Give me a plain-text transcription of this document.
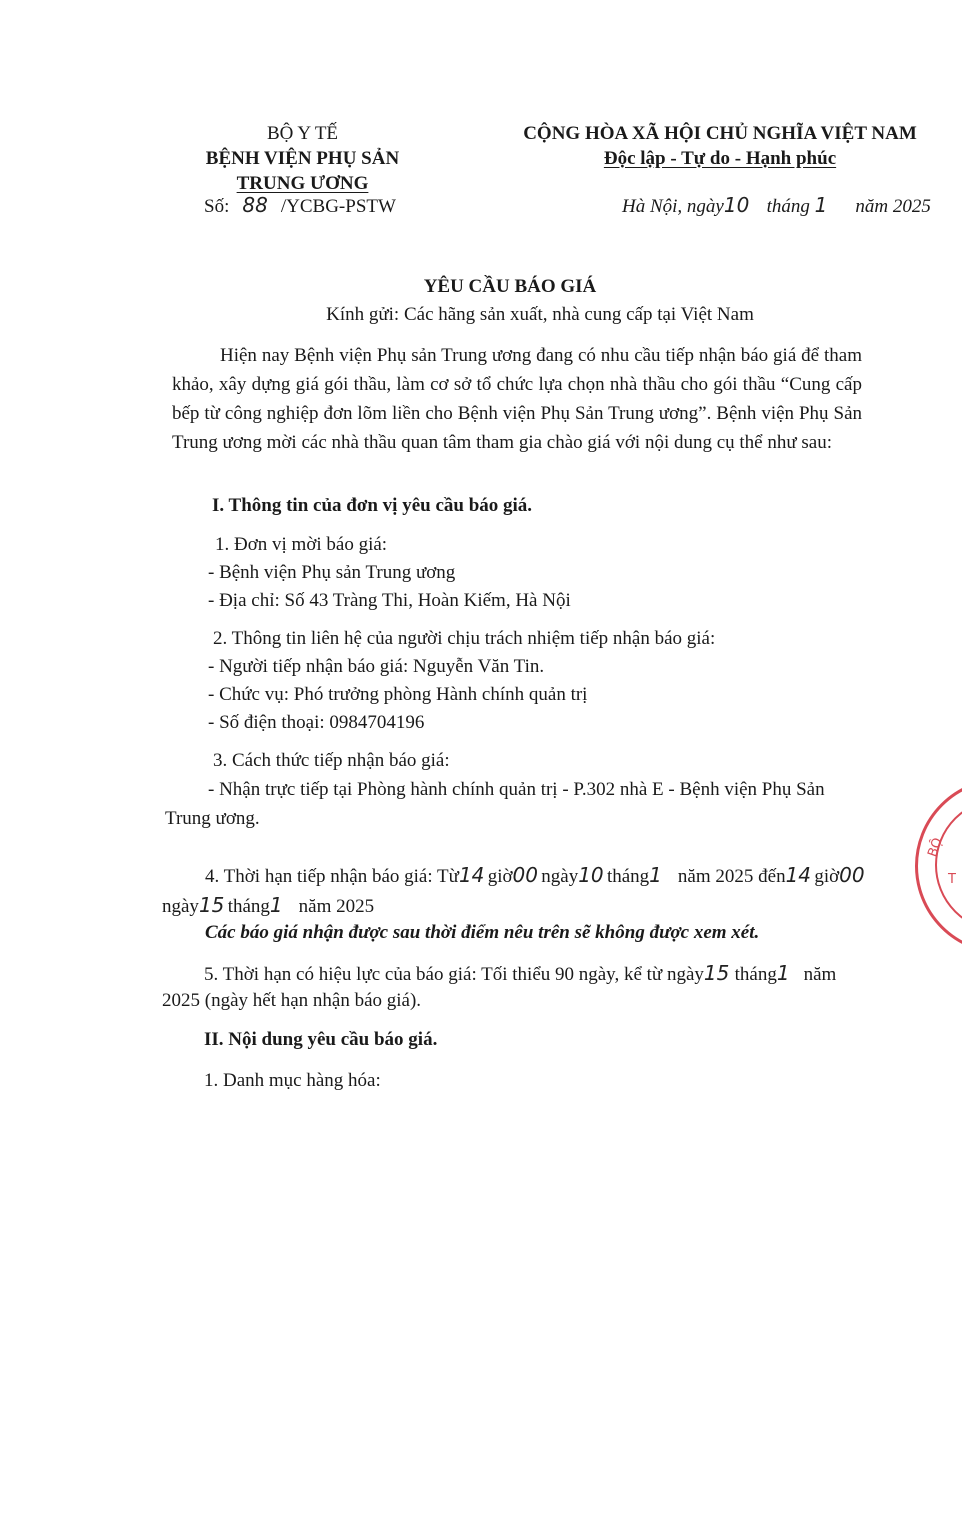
BỘ Y TẾ
BỆNH VIỆN PHỤ SẢN
TRUNG ƯƠNG
Số: 88 /YCBG-PSTW
CỘNG HÒA XÃ HỘI CHỦ NGHĨA VIỆT NAM
Độc lập - Tự do - Hạnh phúc
Hà Nội, ngày10 tháng 1 năm 2025
YÊU CẦU BÁO GIÁ
Kính gửi: Các hãng sản xuất, nhà cung cấp tại Việt Nam
Hiện nay Bệnh viện Phụ sản Trung ương đang có nhu cầu tiếp nhận báo giá để tham khảo, xây dựng giá gói thầu, làm cơ sở tổ chức lựa chọn nhà thầu cho gói thầu “Cung cấp bếp từ công nghiệp đơn lõm liền cho Bệnh viện Phụ Sản Trung ương”. Bệnh viện Phụ Sản Trung ương mời các nhà thầu quan tâm tham gia chào giá với nội dung cụ thể như sau:
I. Thông tin của đơn vị yêu cầu báo giá.
1. Đơn vị mời báo giá:
- Bệnh viện Phụ sản Trung ương
- Địa chỉ: Số 43 Tràng Thi, Hoàn Kiếm, Hà Nội
2. Thông tin liên hệ của người chịu trách nhiệm tiếp nhận báo giá:
- Người tiếp nhận báo giá: Nguyễn Văn Tin.
- Chức vụ: Phó trưởng phòng Hành chính quản trị
- Số điện thoại: 0984704196
3. Cách thức tiếp nhận báo giá:
- Nhận trực tiếp tại Phòng hành chính quản trị - P.302 nhà E - Bệnh viện Phụ Sản
Trung ương.
4. Thời hạn tiếp nhận báo giá: Từ14 giờ00 ngày10 tháng1 năm 2025 đến14 giờ00
ngày15 tháng1 năm 2025
Các báo giá nhận được sau thời điểm nêu trên sẽ không được xem xét.
5. Thời hạn có hiệu lực của báo giá: Tối thiểu 90 ngày, kể từ ngày15 tháng1 năm
2025 (ngày hết hạn nhận báo giá).
II. Nội dung yêu cầu báo giá.
1. Danh mục hàng hóa:
BỘ
T
